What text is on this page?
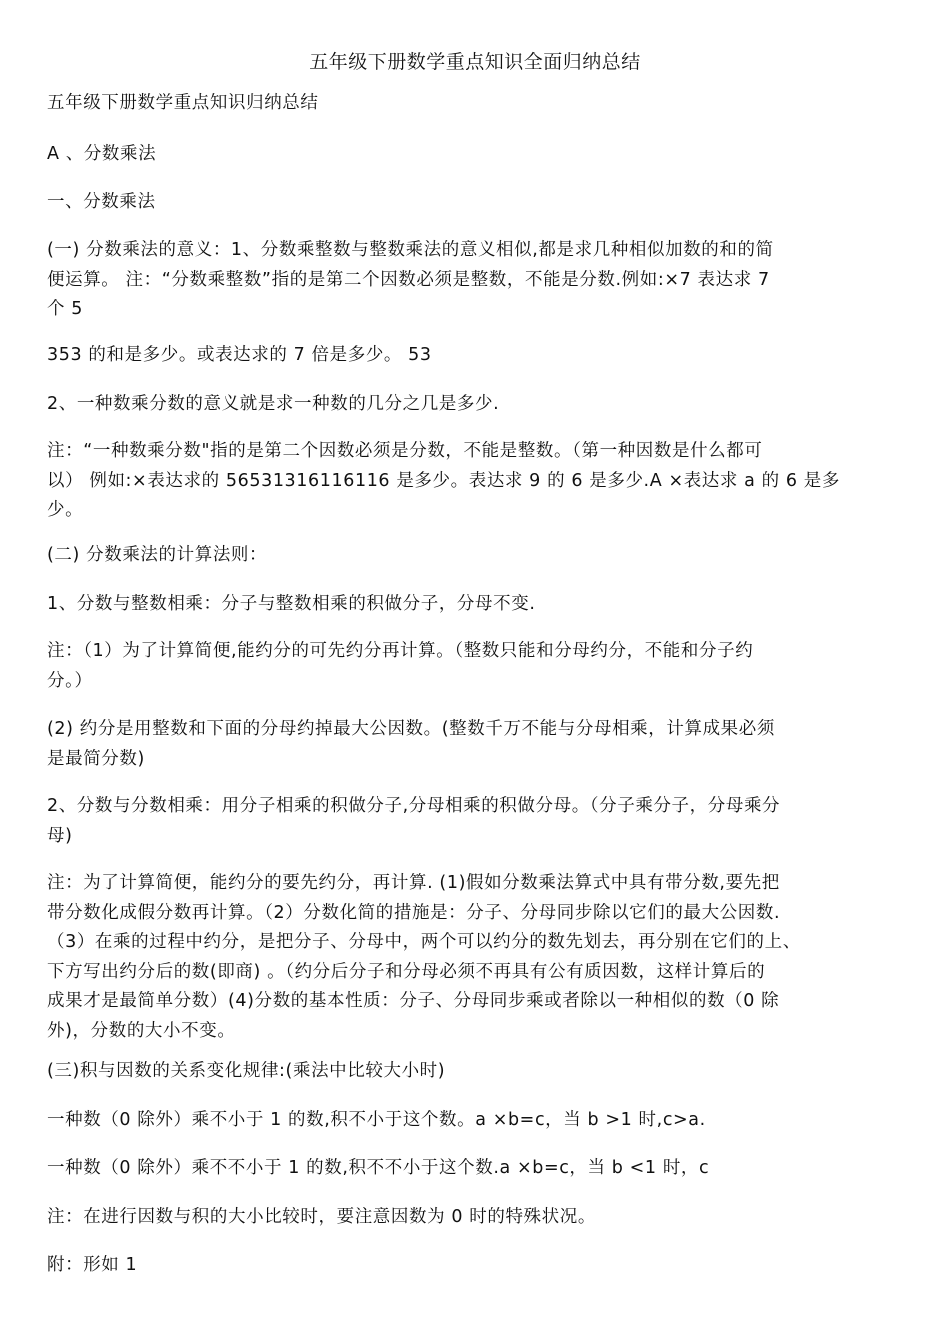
五年级下册数学重点知识全面归纳总结
五年级下册数学重点知识归纳总结
A 、分数乘法
一、分数乘法
(一) 分数乘法的意义：1、分数乘整数与整数乘法的意义相似,都是求几种相似加数的和的简
便运算。 注：“分数乘整数”指的是第二个因数必须是整数，不能是分数.例如:×7 表达求 7
个 5
353 的和是多少。或表达求的 7 倍是多少。 53
2、一种数乘分数的意义就是求一种数的几分之几是多少.
注：“一种数乘分数"指的是第二个因数必须是分数，不能是整数。（第一种因数是什么都可
以） 例如:×表达求的 56531316116116 是多少。表达求 9 的 6 是多少.A ×表达求 a 的 6 是多
少。
(二) 分数乘法的计算法则：
1、分数与整数相乘：分子与整数相乘的积做分子，分母不变.
注：（1）为了计算简便,能约分的可先约分再计算。（整数只能和分母约分，不能和分子约
分。）
(2) 约分是用整数和下面的分母约掉最大公因数。(整数千万不能与分母相乘，计算成果必须
是最简分数)
2、分数与分数相乘：用分子相乘的积做分子,分母相乘的积做分母。（分子乘分子，分母乘分
母)
注：为了计算简便，能约分的要先约分，再计算. (1)假如分数乘法算式中具有带分数,要先把
带分数化成假分数再计算。（2）分数化简的措施是：分子、分母同步除以它们的最大公因数.
（3）在乘的过程中约分，是把分子、分母中，两个可以约分的数先划去，再分别在它们的上、
下方写出约分后的数(即商) 。（约分后分子和分母必须不再具有公有质因数，这样计算后的
成果才是最简单分数）(4)分数的基本性质：分子、分母同步乘或者除以一种相似的数（0 除
外)，分数的大小不变。
(三)积与因数的关系变化规律:(乘法中比较大小时)
一种数（0 除外）乘不小于 1 的数,积不小于这个数。a ×b=c，当 b >1 时,c>a.
一种数（0 除外）乘不不小于 1 的数,积不不小于这个数.a ×b=c，当 b <1 时，c
注：在进行因数与积的大小比较时，要注意因数为 0 时的特殊状况。
附：形如 1
